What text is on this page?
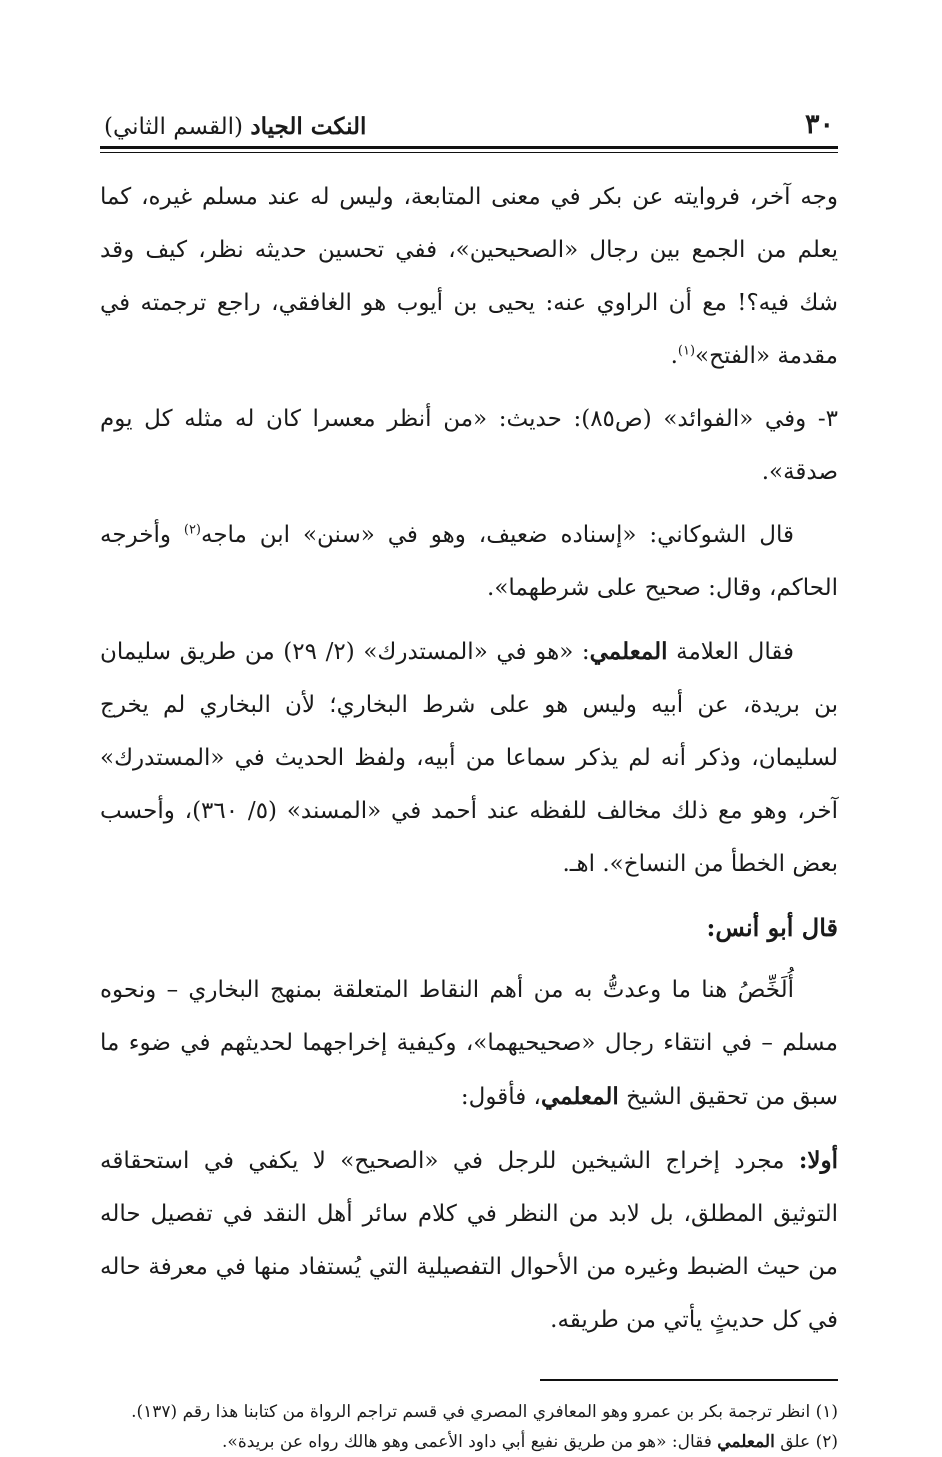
٣٠
النكت الجياد (القسم الثاني)

وجه آخر، فروايته عن بكر في معنى المتابعة، وليس له عند مسلم غيره، كما يعلم من الجمع بين رجال «الصحيحين»، ففي تحسين حديثه نظر، كيف وقد شك فيه؟! مع أن الراوي عنه: يحيى بن أيوب هو الغافقي، راجع ترجمته في مقدمة «الفتح»$^{(١)}$.

٣- وفي «الفوائد» (ص٨٥): حديث: «من أنظر معسرا كان له مثله كل يوم صدقة».

قال الشوكاني: «إسناده ضعيف، وهو في «سنن» ابن ماجه$^{(٢)}$ وأخرجه الحاكم، وقال: صحيح على شرطهما».

فقال العلامة المعلمي: «هو في «المستدرك» (٢/ ٢٩) من طريق سليمان بن بريدة، عن أبيه وليس هو على شرط البخاري؛ لأن البخاري لم يخرج لسليمان، وذكر أنه لم يذكر سماعا من أبيه، ولفظ الحديث في «المستدرك» آخر، وهو مع ذلك مخالف للفظه عند أحمد في «المسند» (٥/ ٣٦٠)، وأحسب بعض الخطأ من النساخ». اهـ.

قال أبو أنس:

أُلَخِّصُ هنا ما وعدتُّ به من أهم النقاط المتعلقة بمنهج البخاري – ونحوه مسلم – في انتقاء رجال «صحيحيهما»، وكيفية إخراجهما لحديثهم في ضوء ما سبق من تحقيق الشيخ المعلمي، فأقول:

أولا: مجرد إخراج الشيخين للرجل في «الصحيح» لا يكفي في استحقاقه التوثيق المطلق، بل لابد من النظر في كلام سائر أهل النقد في تفصيل حاله من حيث الضبط وغيره من الأحوال التفصيلية التي يُستفاد منها في معرفة حاله في كل حديثٍ يأتي من طريقه.

(١) انظر ترجمة بكر بن عمرو وهو المعافري المصري في قسم تراجم الرواة من كتابنا هذا رقم (١٣٧).
(٢) علق المعلمي فقال: «هو من طريق نفيع أبي داود الأعمى وهو هالك رواه عن بريدة».
